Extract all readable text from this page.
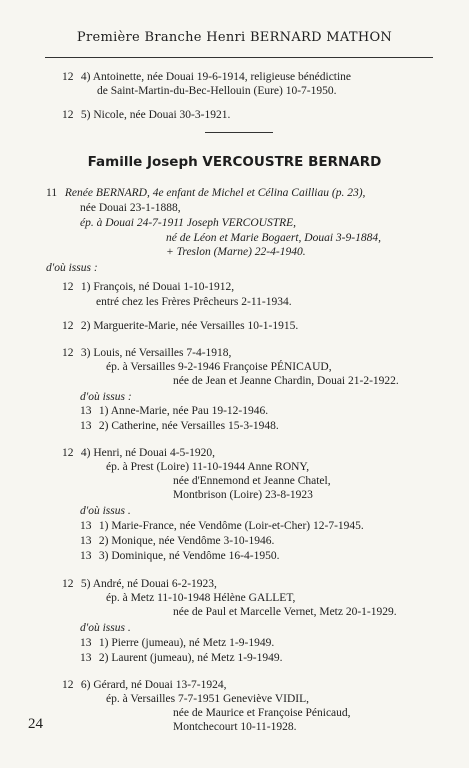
Première Branche Henri BERNARD MATHON
12 4) Antoinette, née Douai 19-6-1914, religieuse bénédictine
de Saint-Martin-du-Bec-Hellouin (Eure) 10-7-1950.
12 5) Nicole, née Douai 30-3-1921.
Famille Joseph VERCOUSTRE BERNARD
11 Renée BERNARD, 4e enfant de Michel et Célina Cailliau (p. 23),
née Douai 23-1-1888,
ép. à Douai 24-7-1911 Joseph VERCOUSTRE,
né de Léon et Marie Bogaert, Douai 3-9-1884,
+ Treslon (Marne) 22-4-1940.
d'où issus :
12 1) François, né Douai 1-10-1912,
entré chez les Frères Prêcheurs 2-11-1934.
12 2) Marguerite-Marie, née Versailles 10-1-1915.
12 3) Louis, né Versailles 7-4-1918,
ép. à Versailles 9-2-1946 Françoise PÉNICAUD,
née de Jean et Jeanne Chardin, Douai 21-2-1922.
d'où issus :
13 1) Anne-Marie, née Pau 19-12-1946.
13 2) Catherine, née Versailles 15-3-1948.
12 4) Henri, né Douai 4-5-1920,
ép. à Prest (Loire) 11-10-1944 Anne RONY,
née d'Ennemond et Jeanne Chatel,
Montbrison (Loire) 23-8-1923
d'où issus .
13 1) Marie-France, née Vendôme (Loir-et-Cher) 12-7-1945.
13 2) Monique, née Vendôme 3-10-1946.
13 3) Dominique, né Vendôme 16-4-1950.
12 5) André, né Douai 6-2-1923,
ép. à Metz 11-10-1948 Hélène GALLET,
née de Paul et Marcelle Vernet, Metz 20-1-1929.
d'où issus .
13 1) Pierre (jumeau), né Metz 1-9-1949.
13 2) Laurent (jumeau), né Metz 1-9-1949.
12 6) Gérard, né Douai 13-7-1924,
ép. à Versailles 7-7-1951 Geneviève VIDIL,
née de Maurice et Françoise Pénicaud,
Montchecourt 10-11-1928.
24
